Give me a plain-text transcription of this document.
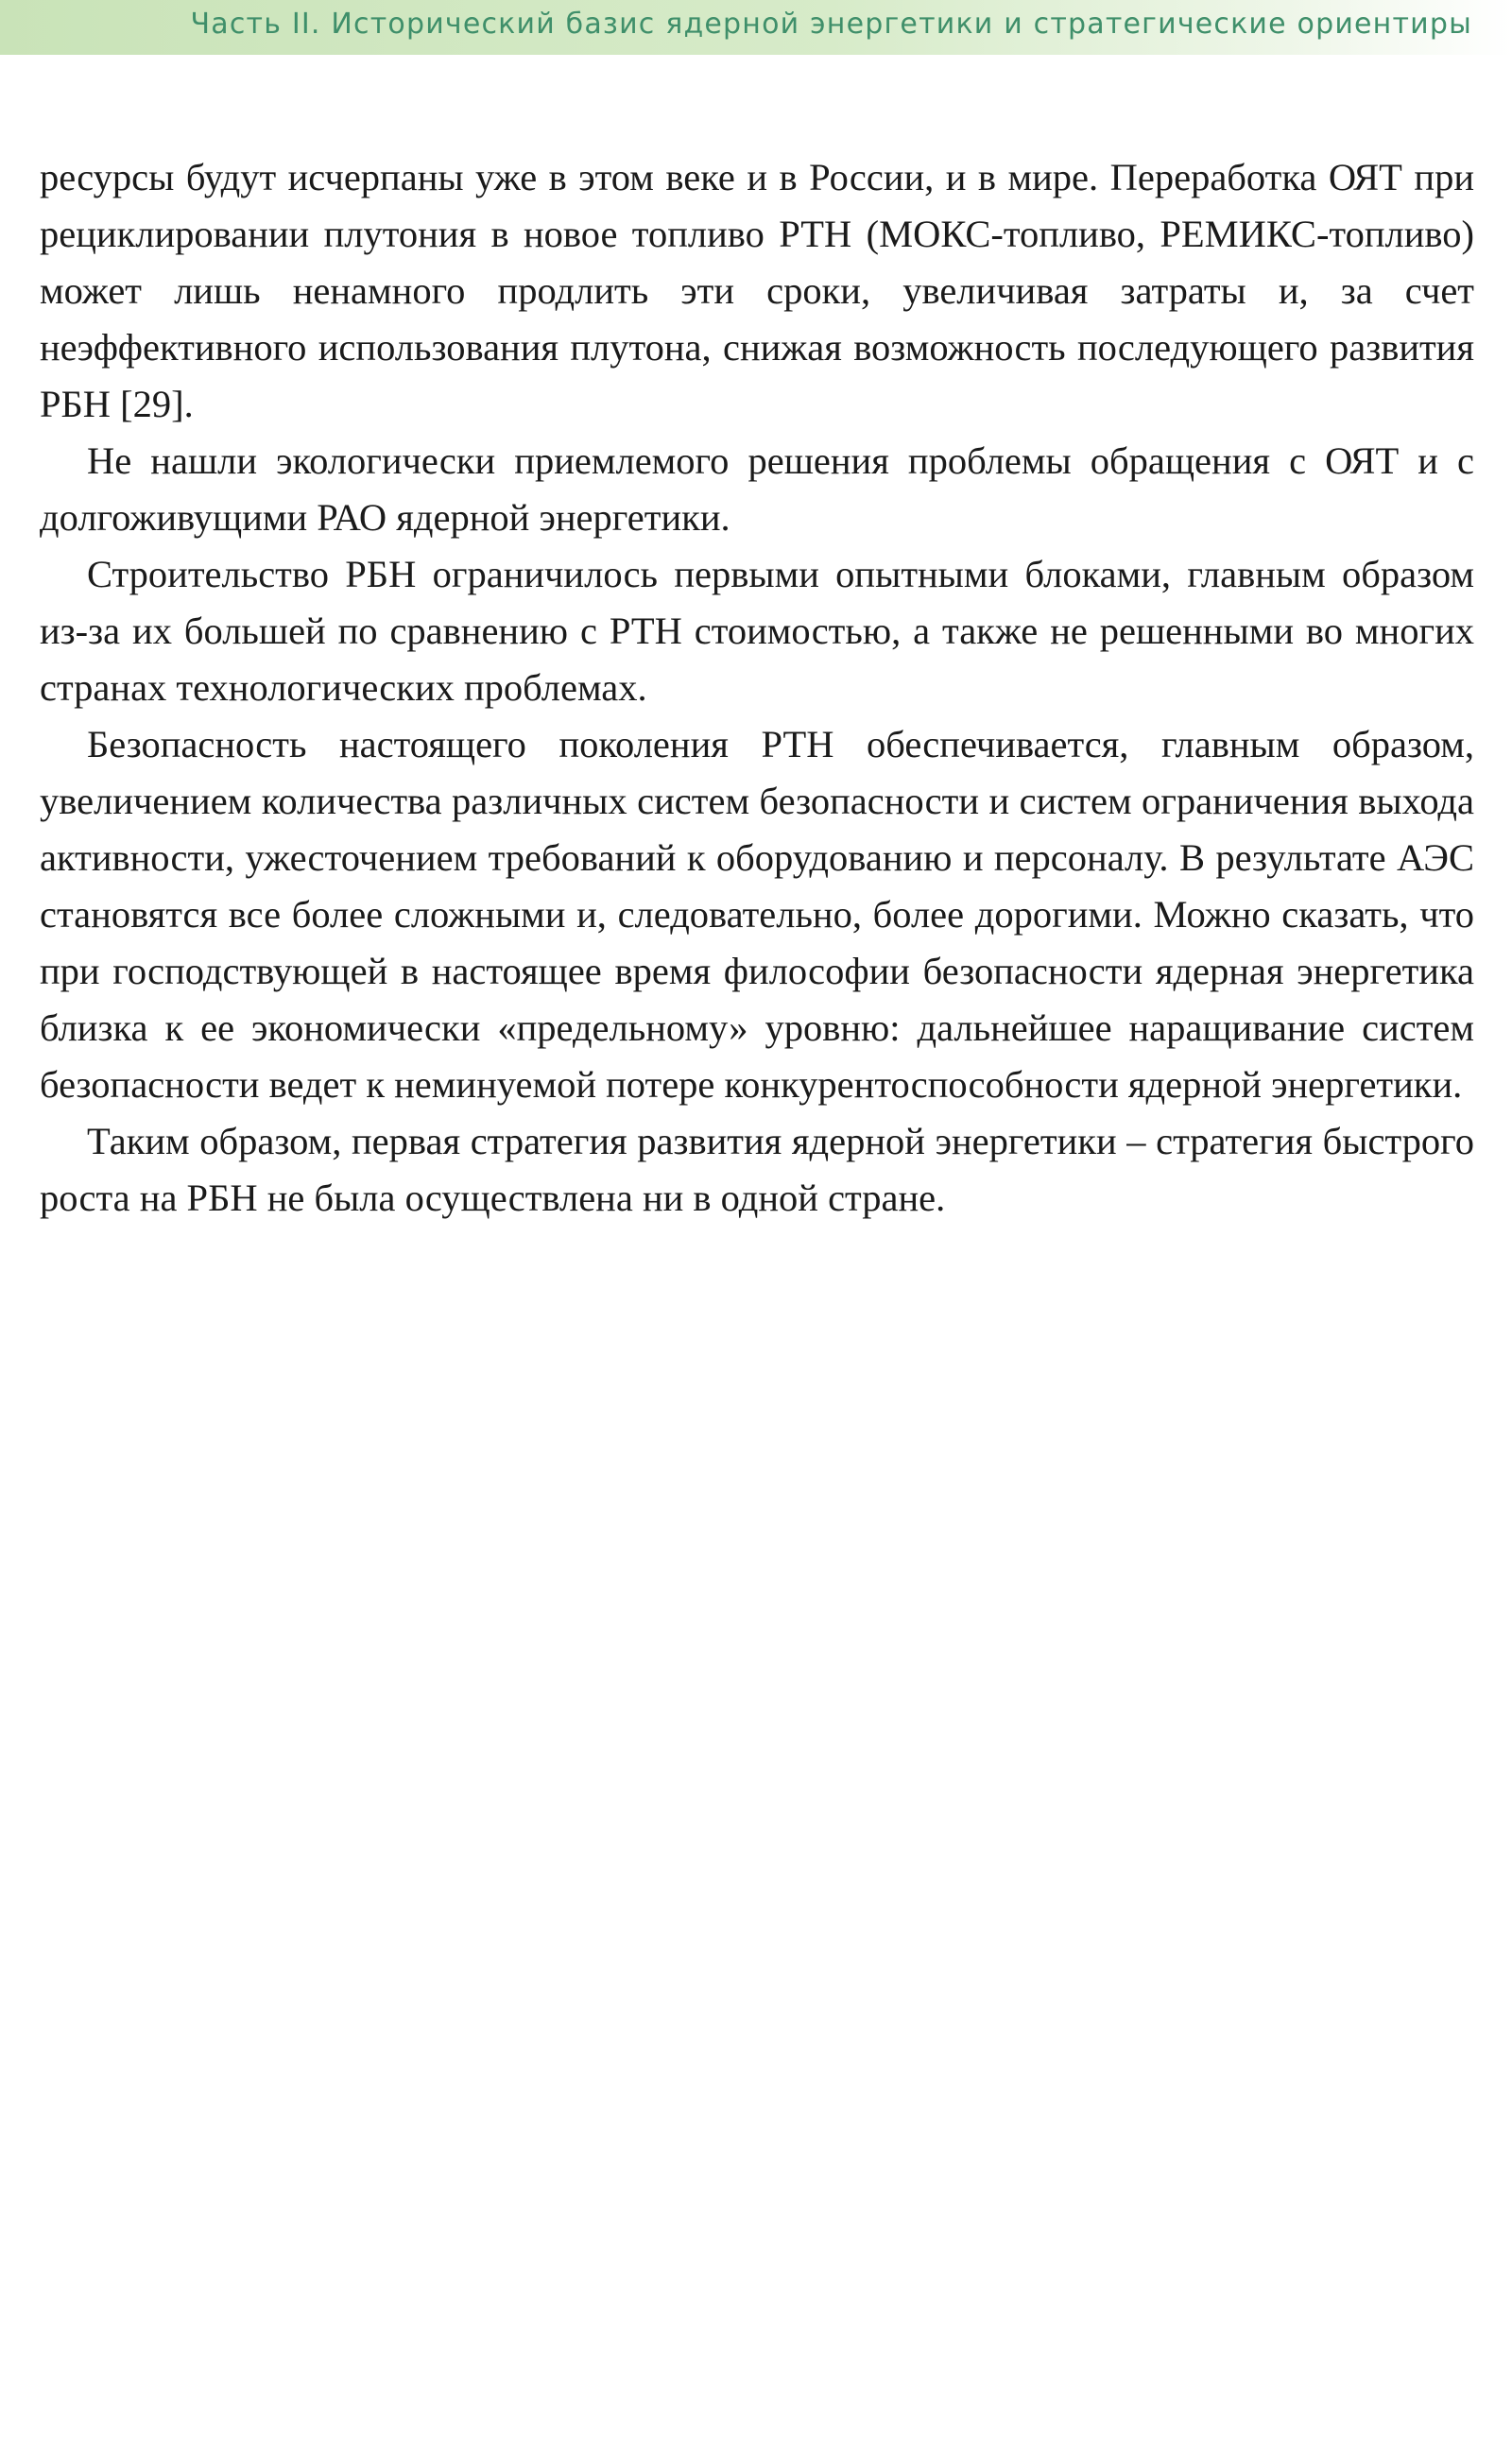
Часть II. Исторический базис ядерной энергетики и стратегические ориентиры

ресурсы будут исчерпаны уже в этом веке и в России, и в мире. Переработка ОЯТ при рециклировании плутония в новое топливо РТН (МОКС-топливо, РЕМИКС-топливо) может лишь ненамного продлить эти сроки, увеличивая затраты и, за счет неэффективного использования плутона, снижая возможность последующего развития РБН [29].

Не нашли экологически приемлемого решения проблемы обращения с ОЯТ и с долгоживущими РАО ядерной энергетики.

Строительство РБН ограничилось первыми опытными блоками, главным образом из-за их большей по сравнению с РТН стоимостью, а также не решенными во многих странах технологических проблемах.

Безопасность настоящего поколения РТН обеспечивается, главным образом, увеличением количества различных систем безопасности и систем ограничения выхода активности, ужесточением требований к оборудованию и персоналу. В результате АЭС становятся все более сложными и, следовательно, более дорогими. Можно сказать, что при господствующей в настоящее время философии безопасности ядерная энергетика близка к ее экономически «предельному» уровню: дальнейшее наращивание систем безопасности ведет к неминуемой потере конкурентоспособности ядерной энергетики.

Таким образом, первая стратегия развития ядерной энергетики – стратегия быстрого роста на РБН не была осуществлена ни в одной стране.
